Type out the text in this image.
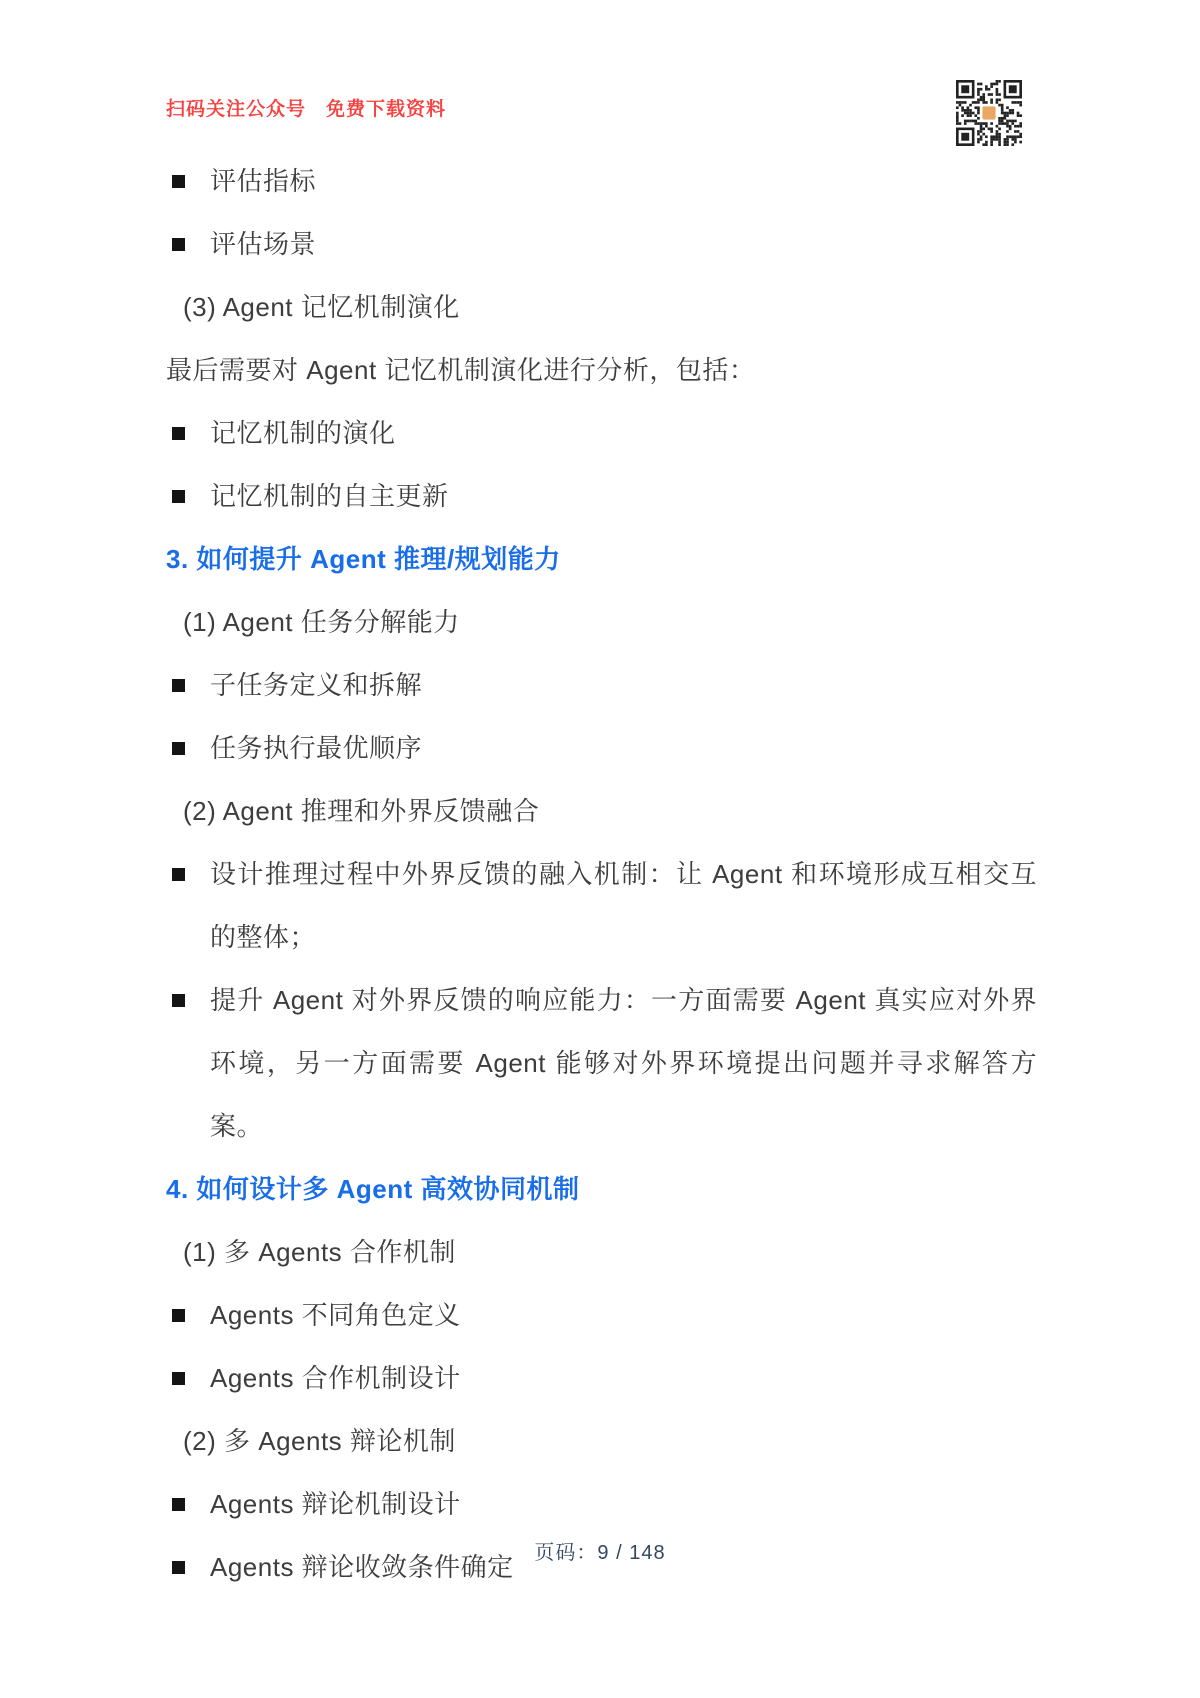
扫码关注公众号　免费下载资料
评估指标
评估场景
(3) Agent 记忆机制演化
最后需要对 Agent 记忆机制演化进行分析，包括：
记忆机制的演化
记忆机制的自主更新
3. 如何提升 Agent 推理/规划能力
(1) Agent 任务分解能力
子任务定义和拆解
任务执行最优顺序
(2) Agent 推理和外界反馈融合
设计推理过程中外界反馈的融入机制：让 Agent 和环境形成互相交互的整体；
提升 Agent 对外界反馈的响应能力：一方面需要 Agent 真实应对外界环境，另一方面需要 Agent 能够对外界环境提出问题并寻求解答方案。
4. 如何设计多 Agent 高效协同机制
(1) 多 Agents 合作机制
Agents 不同角色定义
Agents 合作机制设计
(2) 多 Agents 辩论机制
Agents 辩论机制设计
Agents 辩论收敛条件确定	页码：9 / 148
